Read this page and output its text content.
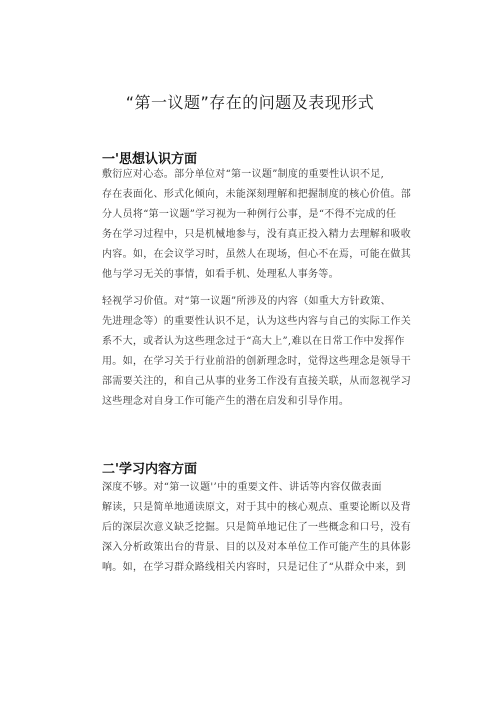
“第一议题”存在的问题及表现形式
一'思想认识方面
敷衍应对心态。部分单位对“第一议题”制度的重要性认识不足,
存在表面化、形式化倾向，未能深刻理解和把握制度的核心价值。部
分人员将“第一议题”学习视为一种例行公事，是“不得不完成的任
务在学习过程中，只是机械地参与，没有真正投入精力去理解和吸收
内容。如，在会议学习时，虽然人在现场，但心不在焉，可能在做其
他与学习无关的事情，如看手机、处理私人事务等。
轻视学习价值。对“第一议题”所涉及的内容（如重大方针政策、
先进理念等）的重要性认识不足，认为这些内容与自己的实际工作关
系不大，或者认为这些理念过于“高大上”,难以在日常工作中发挥作
用。如，在学习关于行业前沿的创新理念时，觉得这些理念是领导干
部需要关注的，和自己从事的业务工作没有直接关联，从而忽视学习
这些理念对自身工作可能产生的潜在启发和引导作用。
二'学习内容方面
深度不够。对“第一议题'’中的重要文件、讲话等内容仅做表面
解读，只是简单地通读原文，对于其中的核心观点、重要论断以及背
后的深层次意义缺乏挖掘。只是简单地记住了一些概念和口号，没有
深入分析政策出台的背景、目的以及对本单位工作可能产生的具体影
响。如，在学习群众路线相关内容时，只是记住了“从群众中来，到
